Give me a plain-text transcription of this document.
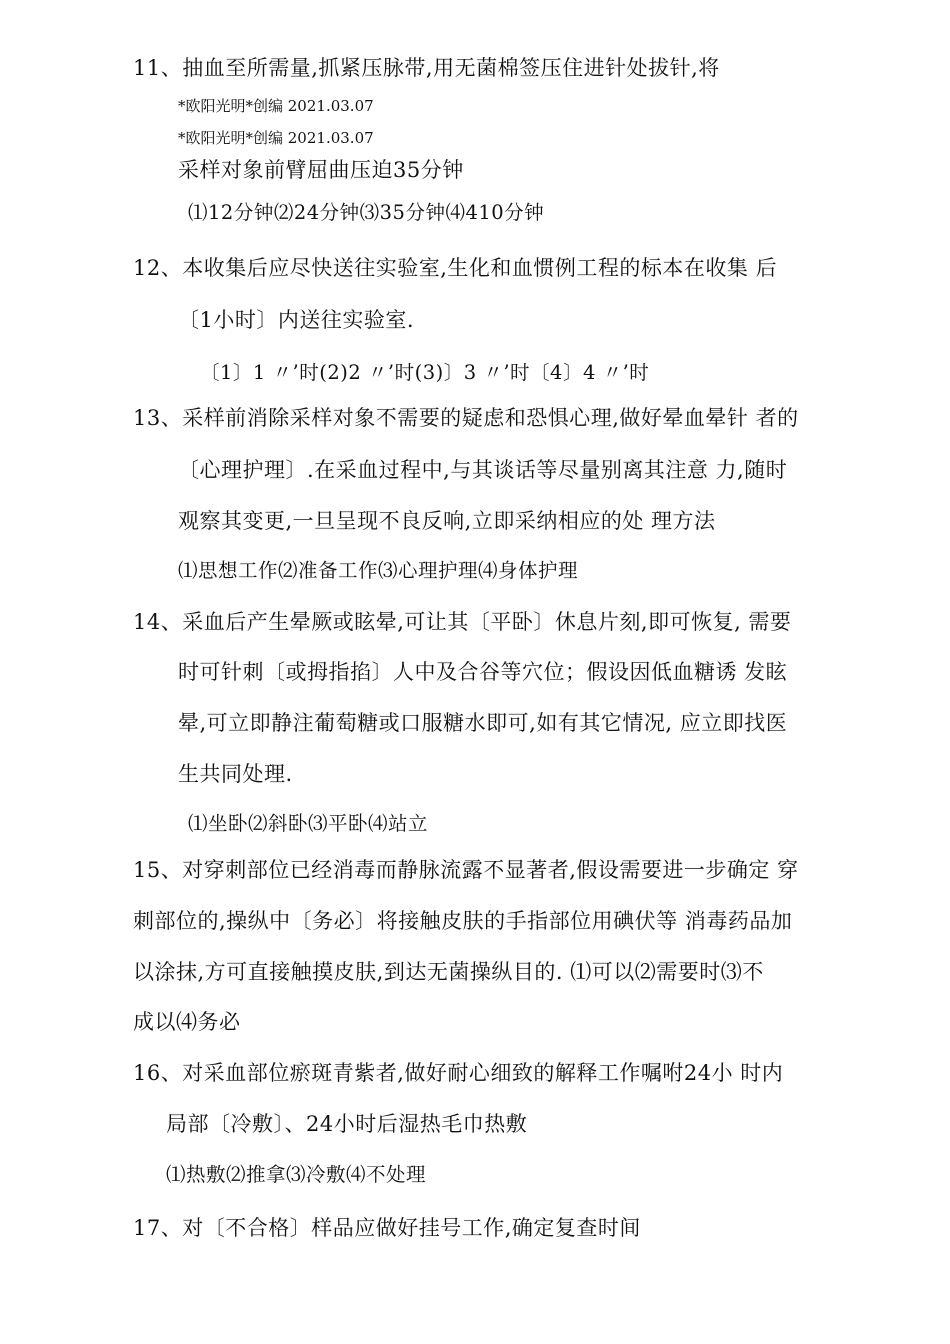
11、抽血至所需量,抓紧压脉带,用无菌棉签压住进针处拔针,将
*欧阳光明*创编 2021.03.07
*欧阳光明*创编 2021.03.07
采样对象前臂屈曲压迫35分钟
⑴12分钟⑵24分钟⑶35分钟⑷410分钟
12、本收集后应尽快送往实验室,生化和血惯例工程的标本在收集 后
〔1小时〕内送往实验室.
〔1〕1 〃’时(2)2 〃’时(3)〕3 〃’时〔4〕4 〃’时
13、采样前消除采样对象不需要的疑虑和恐惧心理,做好晕血晕针 者的
〔心理护理〕.在采血过程中,与其谈话等尽量别离其注意 力,随时
观察其变更,一旦呈现不良反响,立即采纳相应的处 理方法
⑴思想工作⑵准备工作⑶心理护理⑷身体护理
14、采血后产生晕厥或眩晕,可让其〔平卧〕休息片刻,即可恢复, 需要
时可针刺〔或拇指掐〕人中及合谷等穴位；假设因低血糖诱 发眩
晕,可立即静注葡萄糖或口服糖水即可,如有其它情况, 应立即找医
生共同处理.
⑴坐卧⑵斜卧⑶平卧⑷站立
15、对穿刺部位已经消毒而静脉流露不显著者,假设需要进一步确定 穿
刺部位的,操纵中〔务必〕将接触皮肤的手指部位用碘伏等 消毒药品加
以涂抹,方可直接触摸皮肤,到达无菌操纵目的. ⑴可以⑵需要时⑶不
成以⑷务必
16、对采血部位瘀斑青紫者,做好耐心细致的解释工作嘱咐24小 时内
局部〔冷敷〕、24小时后湿热毛巾热敷
⑴热敷⑵推拿⑶冷敷⑷不处理
17、对〔不合格〕样品应做好挂号工作,确定复查时间
